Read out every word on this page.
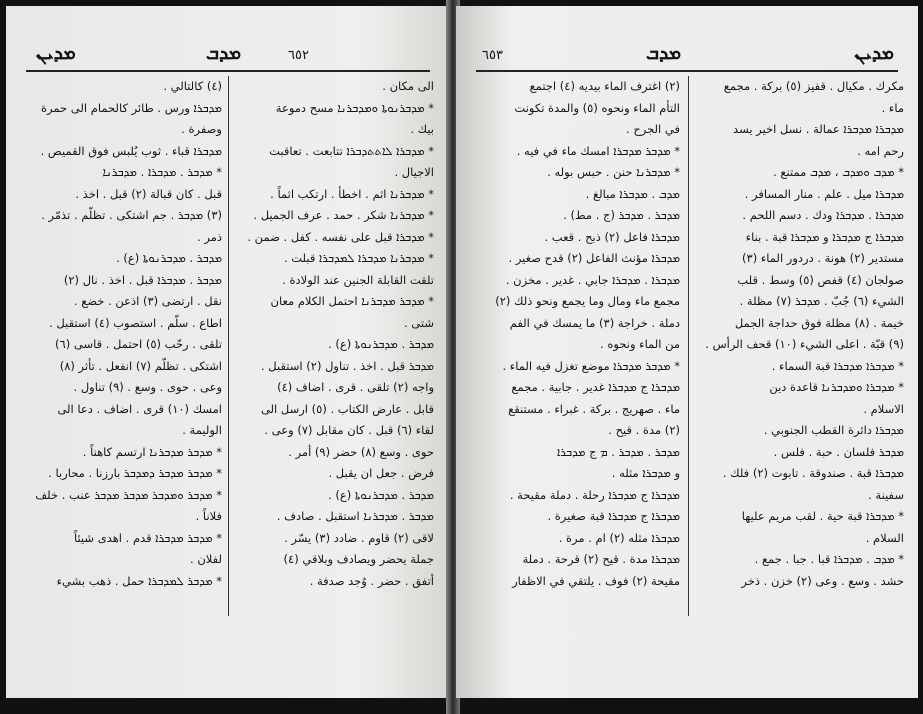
ܡܕܝܢ	ܡܕܒ	٦٥٢
الى مكان .
* ܡܕܒܪܢܘܬܐ ܘܡܕܒܪܢܐ مسح دموعة
بيك .
* ܡܕܒܪܐ ܠܐܬܬܕܒܪܐ تتابعت . تعاقبت
الاجيال .
* ܡܕܒܪܢܐ اثم . اخطأ . ارتكب اثماً .
* ܡܕܒܪܢܐ شكر . حمد . عرف الجميل .
* ܡܕܒܪܐ قبل على نفسه . كفل . ضمن .
* ܡܕܒܪܢܐ ܡܕܒܪܐ ܠܡܕܒܪܐ قبلت .
تلقت القابلة الجنين عند الولادة .
* ܡܕܒܪ ܡܕܒܪܢܐ احتمل الكلام معان
شتى .
ܡܕܒܪ . ܡܕܒܪܢܘܬܐ (ع) .
ܡܕܒܪ قبل . اخذ . تناول (٢) استقبل .
واجه (٢) تلقى . قرى . اضاف (٤)
قابل . عارض الكتاب . (٥) ارسل الى
لقاء (٦) قبل . كان مقابل (٧) وعى .
حوى . وسع (٨) حضر (٩) أمر .
فرض . جعل ان يقبل .
ܡܕܒܪ . ܡܕܒܪܢܘܬܐ (ع) .
ܡܕܒܪ . ܡܕܒܪܢܐ استقبل . صادف .
لاقى (٢) قاوم . ضادد (٣) يسّر .
جملة يحضر ويصادف وبلاقي (٤)
أتفق . حضر . وُجد صدفة .
(٤) كالتالي .
ܡܕܒܪܐ ورس . طائر كالحمام الى حمرة
وصفرة .
ܡܕܒܪܐ قباء . ثوب يُلبس فوق القميص .
* ܡܕܒܪ . ܡܕܒܪܐ . ܡܕܒܪܢܐ
قبل . كان قبالة (٢) قبل . اخذ .
(٣) ܡܕܒܪ . جم اشتكى . تظلّم . تذمّر .
ذمر .
ܡܕܒܪ . ܡܕܒܪܢܘܬܐ (ع) .
ܡܕܒܪ . ܡܕܒܪܐ قبل . اخذ . نال (٢)
نقل . ارتضى (٣) اذعن . خضع .
اطاع . سلّم . استصوب (٤) استقبل .
تلقى . رحّب (٥) احتمل . قاسى (٦)
اشتكى . تظلّم (٧) انفعل . تأثر (٨)
وعى . حوى . وسع . (٩) تناول .
امسك (١٠) قرى . اضاف . دعا الى
الوليمة .
* ܡܕܒܪ ܡܕܒܪܢܐ ارتسم كاهناً .
* ܡܕܒܪ ܡܕܒܪ ܕܡܕܒܪ بارزنا . محاربا .
* ܡܕܒܪ ܘܡܕܒܪ ܡܕܒܪ ܡܕܒܪ عنب . خلف
فلاناً .
* ܡܕܒܪ ܡܕܒܪܐ قدم . اهدى شيئاً
لفلان .
* ܡܕܒܪ ܠܡܕܒܪܐ حمل . ذهب بشيء
٦٥٣	ܡܕܒ	ܡܕܝܢ
مكرك . مكيال . قفيز (٥) بركة . مجمع
ماء .
ܡܕܒܪܐ ܡܕܒܪܐ عمالة . نسل اخير يسد
رحم امه .
* ܡܕܒ ܘܡܕܒ ، ܡܕܒ ممتنع .
ܡܕܒܪܐ ميل . علم . منار المسافر .
ܡܕܒܪܐ . ܡܕܒܪܐ ودك . دسم اللحم .
ܡܕܒܪܐ ج ܡܕܒܪܐ و ܡܕܒܪܐ قبة . بناء
مستدير (٢) هونة . دردور الماء (٣)
صولجان (٤) قفص (٥) وسط . قلب
الشيء (٦) جُبّ . ܡܕܒܪ (٧) مظلة .
خيمة . (٨) مظلة فوق حداجة الجمل
(٩) قبّة . اعلى الشيء (١٠) قحف الرأس .
* ܡܕܒܪܐ ܡܕܒܪܐ قبة السماء .
* ܡܕܒܪܐ ܘܡܕܒܪܢܐ قاعدة دين
الاسلام .
ܡܕܒܪܐ دائرة القطب الجنوبي .
ܡܕܒܪ فلسان . حبة . فلس .
ܡܕܒܪܐ قبة . صندوقة . تابوت (٢) فلك .
سفينة .
* ܡܕܒܪܐ قبة حية . لقب مريم عليها
السلام .
* ܡܕܒ . ܡܕܒܪܐ قبا . جبا . جمع .
حشد . وسع . وعى (٢) خزن . ذخر
(٢) اغترف الماء بيديه (٤) اجتمع
التأم الماء ونحوه (٥) والمدة تكونت
في الجرح .
* ܡܕܒܪ ܡܕܒܪܐ امسك ماء في فيه .
* ܡܕܒܪܢܐ حنن . حبس بوله .
ܡܕܒ . ܡܕܒܪܐ مبالغ .
ܡܕܒܪ . ܡܕܒܪ (ج . مط) .
ܡܕܒܪܐ فاعل (٢) ذبح . قعب .
ܡܕܒܪܐ مؤنث الفاعل (٢) قدح صغير .
ܡܕܒܪܐ . ܡܕܒܪܐ جابي . غدير . مخزن .
مجمع ماء ومال وما يجمع ونحو ذلك (٢)
دملة . خراجة (٣) ما يمسك في الفم
من الماء ونحوه .
* ܡܕܒܪ ܡܕܒܪܐ موضع تغزل فيه الماء .
ܡܕܒܪܐ ج ܡܕܒܪܐ غدير . جابية . مجمع
ماء . صهريج . بركة . غبراء . مستنقع
(٢) مدة . قيح .
ܡܕܒܪ . ܡܕܒܪ . ܡ ج ܡܕܒܪܐ
و ܡܕܒܪܐ مثله .
ܡܕܒܪܐ ج ܡܕܒܪܐ رحلة . دملة مقيحة .
ܡܕܒܪܐ ج ܡܕܒܪܐ قبة صغيرة .
ܡܕܒܪܐ مثله (٢) ام . مرة .
ܡܕܒܪܐ مدة . قيح (٢) قرحة . دملة
مقيحة (٢) فوف . يلتقي في الاظفار
